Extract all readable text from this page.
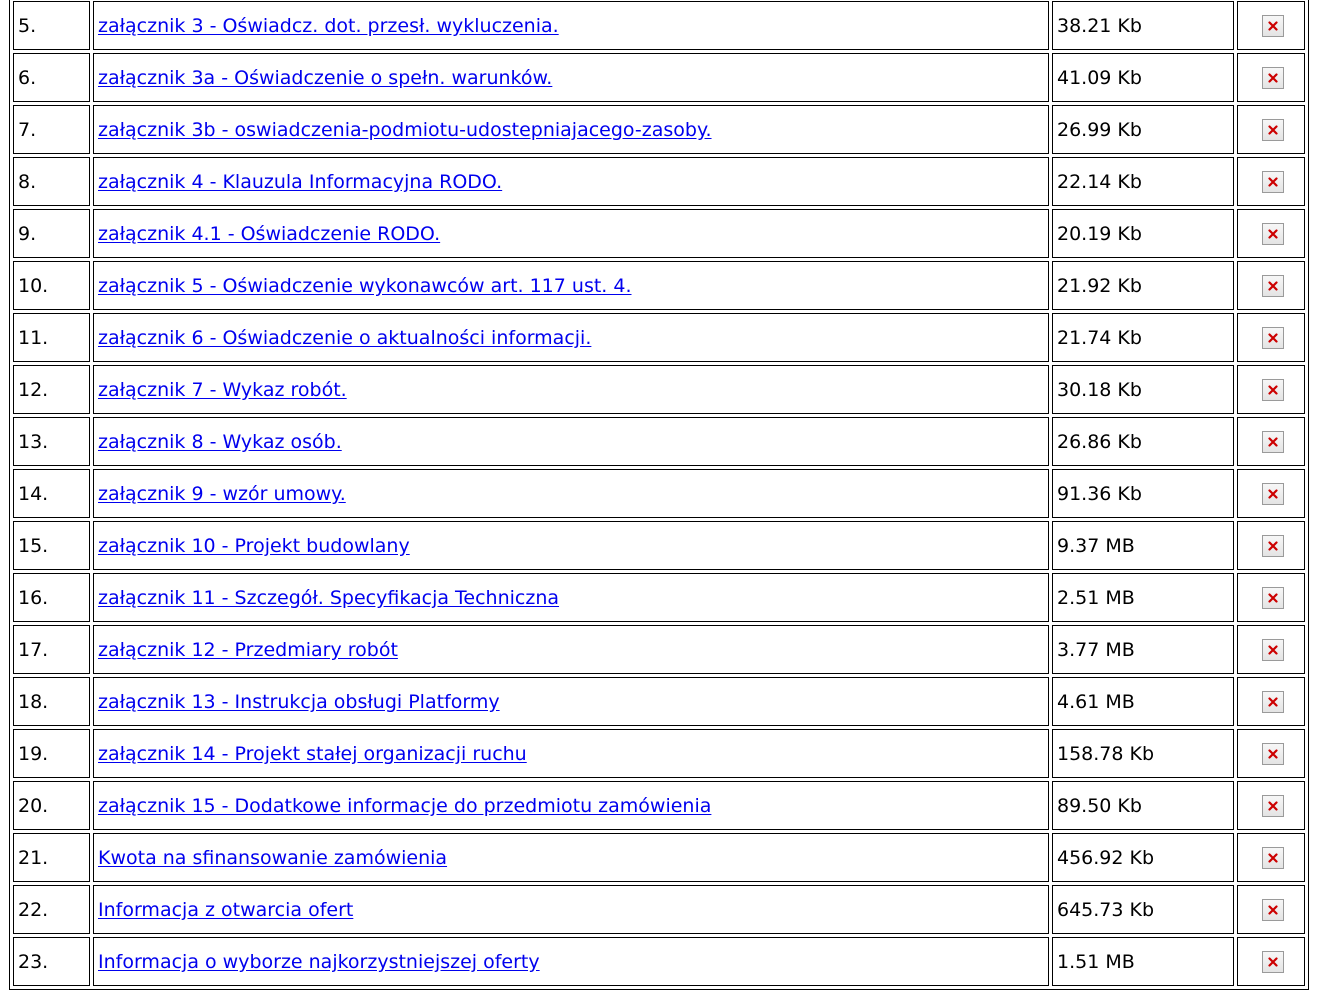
5.	załącznik 3 - Oświadcz. dot. przesł. wykluczenia.	38.21 Kb	

6.	załącznik 3a - Oświadczenie o spełn. warunków.	41.09 Kb	

7.	załącznik 3b - oswiadczenia-podmiotu-udostepniajacego-zasoby.	26.99 Kb	

8.	załącznik 4 - Klauzula Informacyjna RODO.	22.14 Kb	

9.	załącznik 4.1 - Oświadczenie RODO.	20.19 Kb	

10.	załącznik 5 - Oświadczenie wykonawców art. 117 ust. 4.	21.92 Kb	

11.	załącznik 6 - Oświadczenie o aktualności informacji.	21.74 Kb	

12.	załącznik 7 - Wykaz robót.	30.18 Kb	

13.	załącznik 8 - Wykaz osób.	26.86 Kb	

14.	załącznik 9 - wzór umowy.	91.36 Kb	

15.	załącznik 10 - Projekt budowlany	9.37 MB	

16.	załącznik 11 - Szczegół. Specyfikacja Techniczna	2.51 MB	

17.	załącznik 12 - Przedmiary robót	3.77 MB	

18.	załącznik 13 - Instrukcja obsługi Platformy	4.61 MB	

19.	załącznik 14 - Projekt stałej organizacji ruchu	158.78 Kb	

20.	załącznik 15 - Dodatkowe informacje do przedmiotu zamówienia	89.50 Kb	

21.	Kwota na sfinansowanie zamówienia	456.92 Kb	

22.	Informacja z otwarcia ofert	645.73 Kb	

23.	Informacja o wyborze najkorzystniejszej oferty	1.51 MB	
